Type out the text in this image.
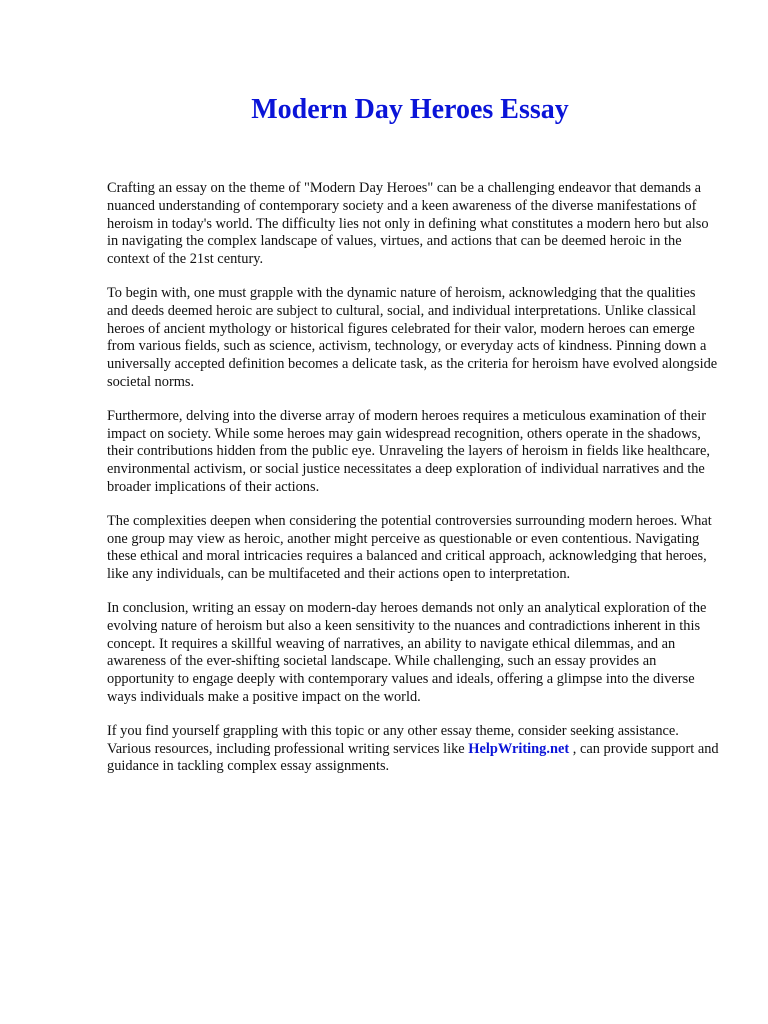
Modern Day Heroes Essay

Crafting an essay on the theme of "Modern Day Heroes" can be a challenging endeavor that demands a nuanced understanding of contemporary society and a keen awareness of the diverse manifestations of heroism in today's world. The difficulty lies not only in defining what constitutes a modern hero but also in navigating the complex landscape of values, virtues, and actions that can be deemed heroic in the context of the 21st century.

To begin with, one must grapple with the dynamic nature of heroism, acknowledging that the qualities and deeds deemed heroic are subject to cultural, social, and individual interpretations. Unlike classical heroes of ancient mythology or historical figures celebrated for their valor, modern heroes can emerge from various fields, such as science, activism, technology, or everyday acts of kindness. Pinning down a universally accepted definition becomes a delicate task, as the criteria for heroism have evolved alongside societal norms.

Furthermore, delving into the diverse array of modern heroes requires a meticulous examination of their impact on society. While some heroes may gain widespread recognition, others operate in the shadows, their contributions hidden from the public eye. Unraveling the layers of heroism in fields like healthcare, environmental activism, or social justice necessitates a deep exploration of individual narratives and the broader implications of their actions.

The complexities deepen when considering the potential controversies surrounding modern heroes. What one group may view as heroic, another might perceive as questionable or even contentious. Navigating these ethical and moral intricacies requires a balanced and critical approach, acknowledging that heroes, like any individuals, can be multifaceted and their actions open to interpretation.

In conclusion, writing an essay on modern-day heroes demands not only an analytical exploration of the evolving nature of heroism but also a keen sensitivity to the nuances and contradictions inherent in this concept. It requires a skillful weaving of narratives, an ability to navigate ethical dilemmas, and an awareness of the ever-shifting societal landscape. While challenging, such an essay provides an opportunity to engage deeply with contemporary values and ideals, offering a glimpse into the diverse ways individuals make a positive impact on the world.

If you find yourself grappling with this topic or any other essay theme, consider seeking assistance. Various resources, including professional writing services like HelpWriting.net , can provide support and guidance in tackling complex essay assignments.
